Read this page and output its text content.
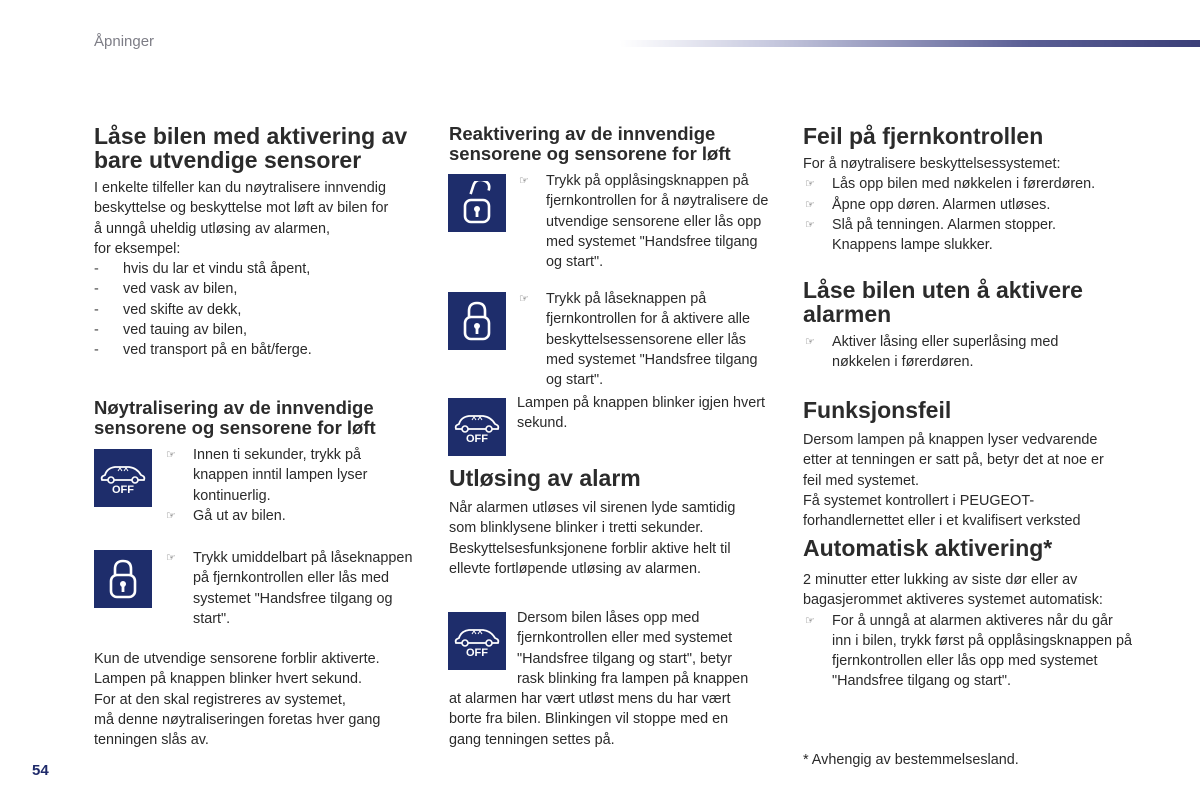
Åpninger
Låse bilen med aktivering av bare utvendige sensorer

I enkelte tilfeller kan du nøytralisere innvendig

beskyttelse og beskyttelse mot løft av bilen for

å unngå uheldig utløsing av alarmen,

for eksempel:

- hvis du lar et vindu stå åpent,
- ved vask av bilen,
- ved skifte av dekk,
- ved tauing av bilen,
- ved transport på en båt/ferge.
Nøytralisering av de innvendige sensorene og sensorene for løft
OFF
☞ Innen ti sekunder, trykk på knappen inntil lampen lyser kontinuerlig.
☞ Gå ut av bilen.
☞ Trykk umiddelbart på låseknappen på fjernkontrollen eller lås med systemet "Handsfree tilgang og start".

Kun de utvendige sensorene forblir aktiverte.

Lampen på knappen blinker hvert sekund.

For at den skal registreres av systemet,

må denne nøytraliseringen foretas hver gang

tenningen slås av.

Reaktivering av de innvendige sensorene og sensorene for løft
☞ Trykk på opplåsingsknappen på fjernkontrollen for å nøytralisere de utvendige sensorene eller lås opp med systemet "Handsfree tilgang og start".
☞ Trykk på låseknappen på fjernkontrollen for å aktivere alle beskyttelsessensorene eller lås med systemet "Handsfree tilgang og start".
OFF

Lampen på knappen blinker igjen hvert sekund.

Utløsing av alarm

Når alarmen utløses vil sirenen lyde samtidig

som blinklysene blinker i tretti sekunder.

Beskyttelsesfunksjonene forblir aktive helt til

ellevte fortløpende utløsing av alarmen.

OFF

Dersom bilen låses opp med

fjernkontrollen eller med systemet

"Handsfree tilgang og start", betyr

rask blinking fra lampen på knappen

at alarmen har vært utløst mens du har vært

borte fra bilen. Blinkingen vil stoppe med en

gang tenningen settes på.

Feil på fjernkontrollen

For å nøytralisere beskyttelsessystemet:

☞ Lås opp bilen med nøkkelen i førerdøren.
☞ Åpne opp døren. Alarmen utløses.
☞ Slå på tenningen. Alarmen stopper. Knappens lampe slukker.
Låse bilen uten å aktivere alarmen
☞ Aktiver låsing eller superlåsing med nøkkelen i førerdøren.
Funksjonsfeil

Dersom lampen på knappen lyser vedvarende

etter at tenningen er satt på, betyr det at noe er

feil med systemet.

Få systemet kontrollert i PEUGEOT-

forhandlernettet eller i et kvalifisert verksted

Automatisk aktivering*

2 minutter etter lukking av siste dør eller av

bagasjerommet aktiveres systemet automatisk:

☞ For å unngå at alarmen aktiveres når du går inn i bilen, trykk først på opplåsingsknappen på fjernkontrollen eller lås opp med systemet "Handsfree tilgang og start".

* Avhengig av bestemmelsesland.

54
